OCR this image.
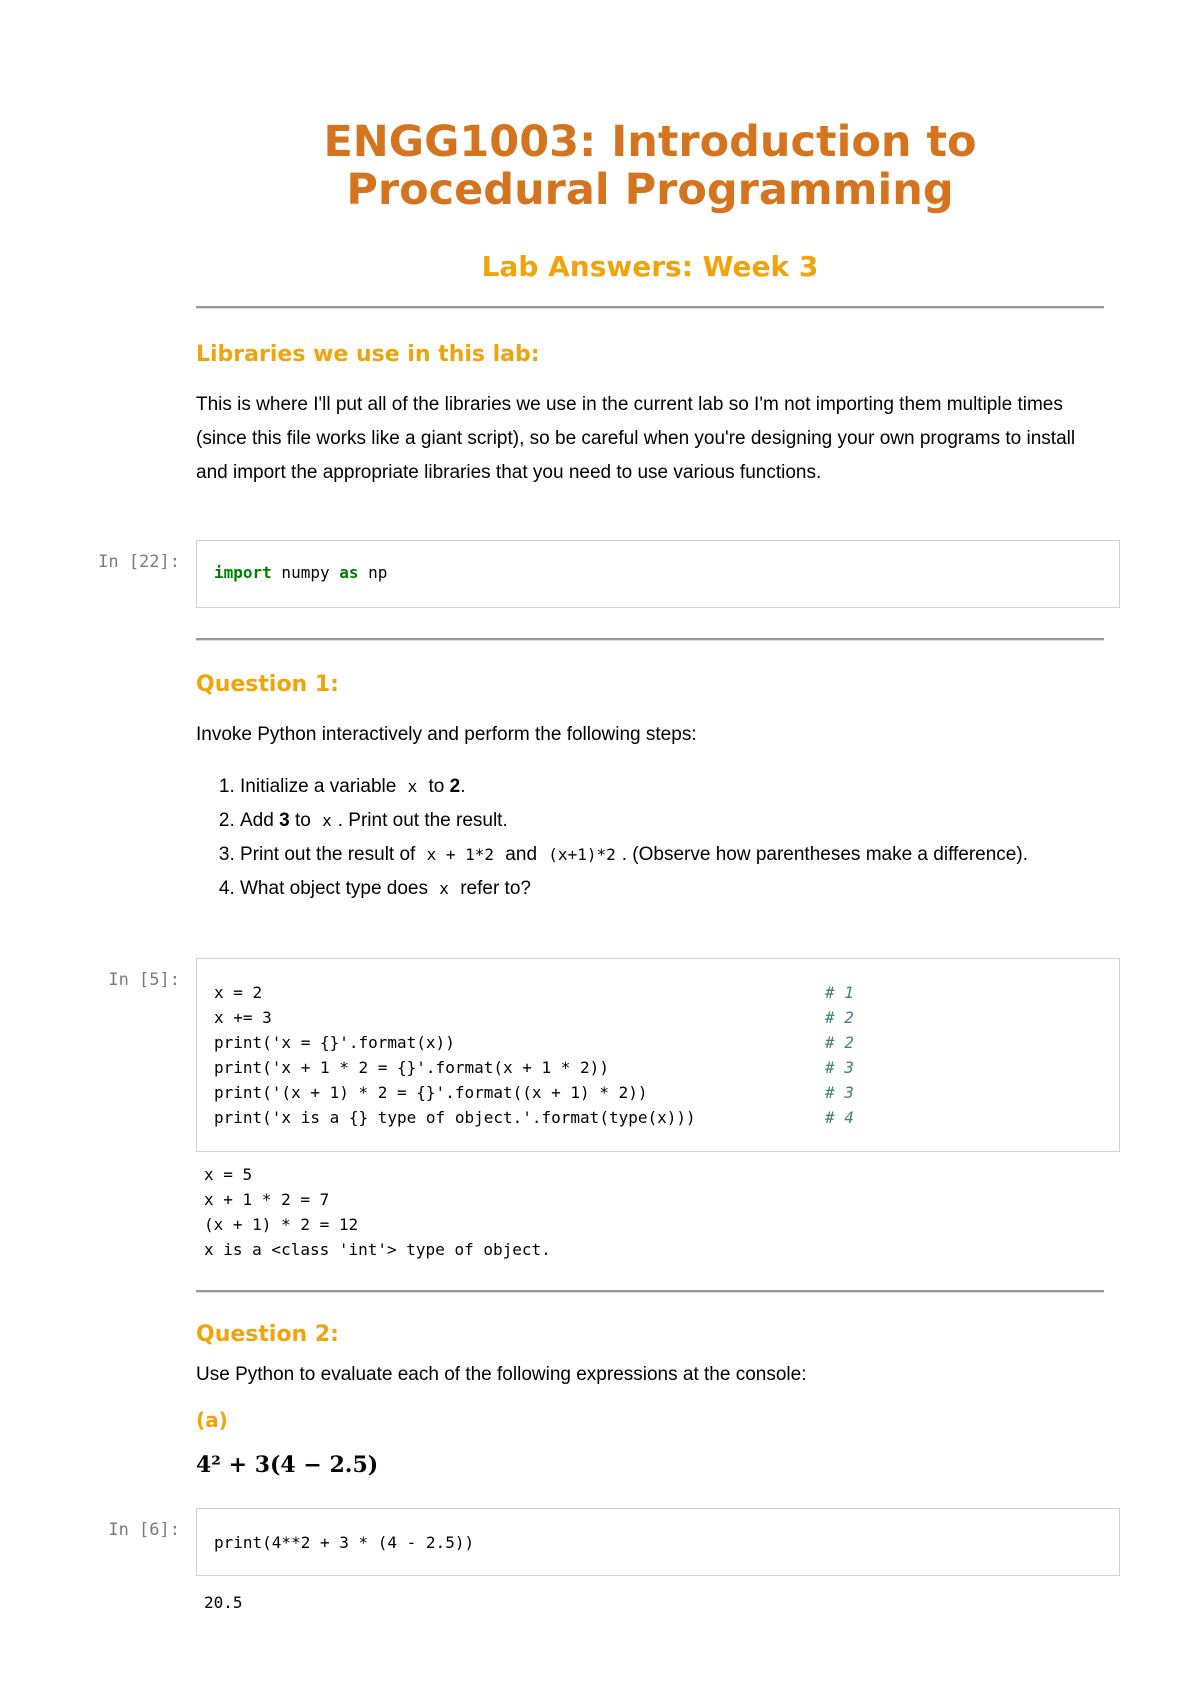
ENGG1003: Introduction to Procedural Programming
Lab Answers: Week 3
Libraries we use in this lab:

This is where I'll put all of the libraries we use in the current lab so I'm not importing them multiple times (since this file works like a giant script), so be careful when you're designing your own programs to install and import the appropriate libraries that you need to use various functions.

In [22]:
import numpy as np
Question 1:

Invoke Python interactively and perform the following steps:

1. Initialize a variable x to 2.
2. Add 3 to x . Print out the result.
3. Print out the result of x + 1*2 and (x+1)*2 . (Observe how parentheses make a difference).
4. What object type does x refer to?
In [5]:
x = 2	# 1
x += 3	# 2
print('x = {}'.format(x))	# 2
print('x + 1 * 2 = {}'.format(x + 1 * 2))	# 3
print('(x + 1) * 2 = {}'.format((x + 1) * 2))	# 3
print('x is a {} type of object.'.format(type(x)))	# 4
x = 5
x + 1 * 2 = 7
(x + 1) * 2 = 12
x is a <class 'int'> type of object.
Question 2:

Use Python to evaluate each of the following expressions at the console:

(a)
4² + 3(4 − 2.5)
In [6]:
print(4**2 + 3 * (4 - 2.5))
20.5
